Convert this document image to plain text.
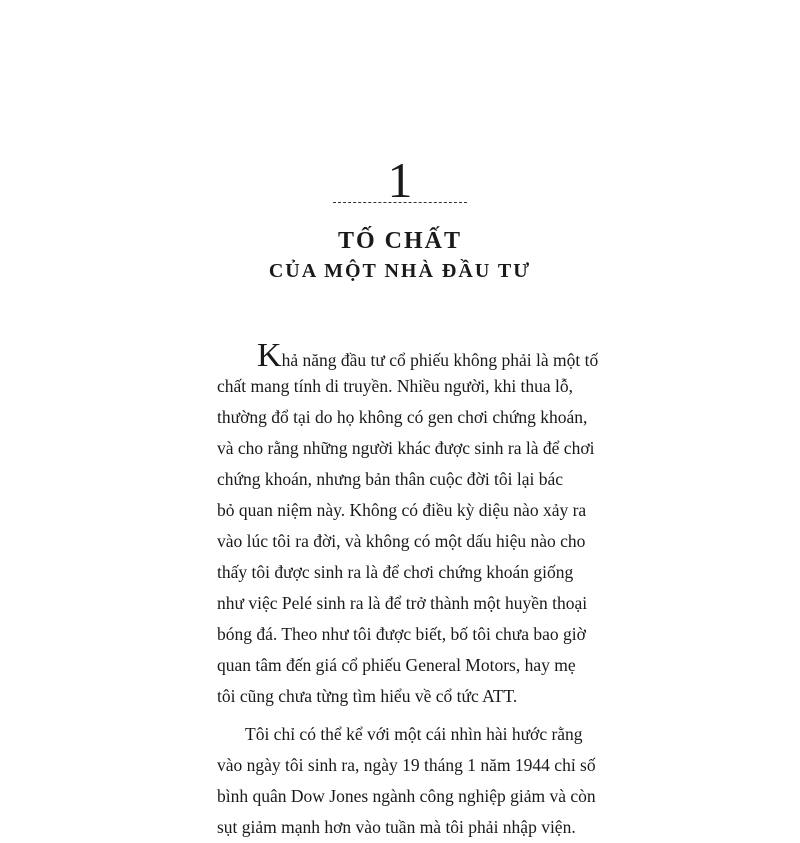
1
TỐ CHẤT
CỦA MỘT NHÀ ĐẦU TƯ
Khả năng đầu tư cổ phiếu không phải là một tố
chất mang tính di truyền. Nhiều người, khi thua lỗ,
thường đổ tại do họ không có gen chơi chứng khoán,
và cho rằng những người khác được sinh ra là để chơi
chứng khoán, nhưng bản thân cuộc đời tôi lại bác
bỏ quan niệm này. Không có điều kỳ diệu nào xảy ra
vào lúc tôi ra đời, và không có một dấu hiệu nào cho
thấy tôi được sinh ra là để chơi chứng khoán giống
như việc Pelé sinh ra là để trở thành một huyền thoại
bóng đá. Theo như tôi được biết, bố tôi chưa bao giờ
quan tâm đến giá cổ phiếu General Motors, hay mẹ
tôi cũng chưa từng tìm hiểu về cổ tức ATT.
Tôi chỉ có thể kể với một cái nhìn hài hước rằng
vào ngày tôi sinh ra, ngày 19 tháng 1 năm 1944 chỉ số
bình quân Dow Jones ngành công nghiệp giảm và còn
sụt giảm mạnh hơn vào tuần mà tôi phải nhập viện.
